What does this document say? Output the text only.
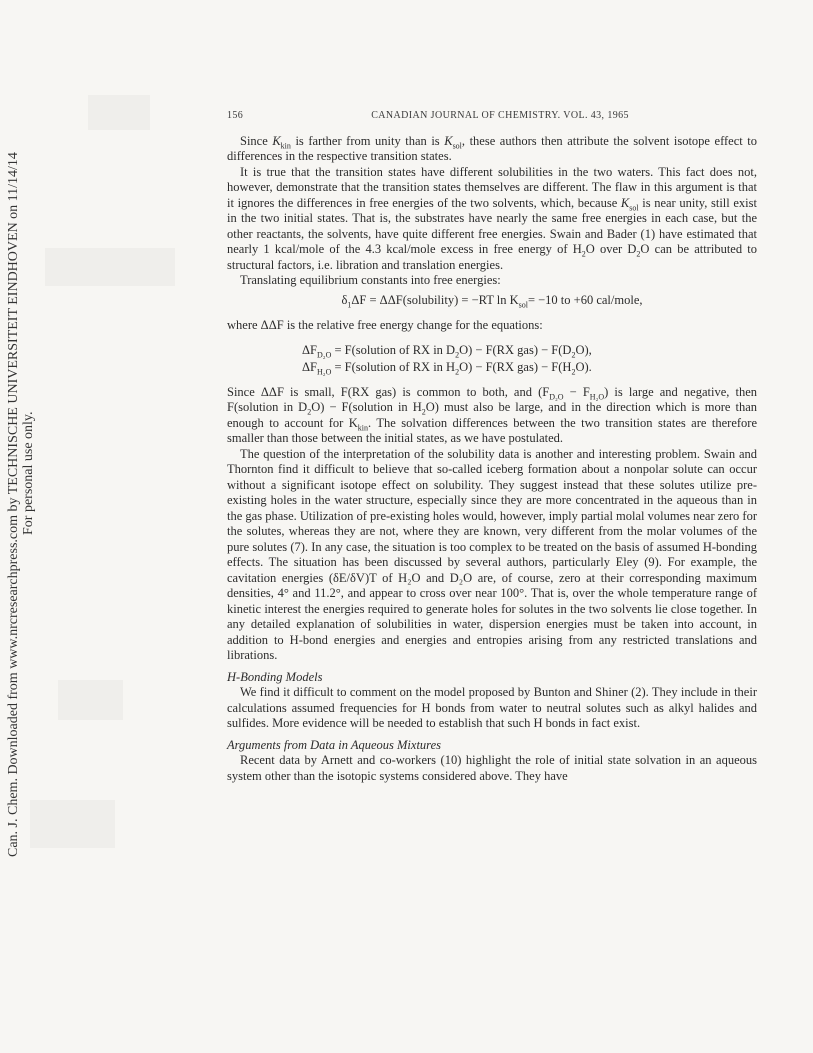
Can. J. Chem. Downloaded from www.nrcresearchpress.com by TECHNISCHE UNIVERSITEIT EINDHOVEN on 11/14/14 For personal use only.
156	CANADIAN JOURNAL OF CHEMISTRY. VOL. 43, 1965

Since $K_{kin}$ is farther from unity than is $K_{sol}$, these authors then attribute the solvent isotope effect to differences in the respective transition states.

It is true that the transition states have different solubilities in the two waters. This fact does not, however, demonstrate that the transition states themselves are different. The flaw in this argument is that it ignores the differences in free energies of the two solvents, which, because $K_{sol}$ is near unity, still exist in the two initial states. That is, the substrates have nearly the same free energies in each case, but the other reactants, the solvents, have quite different free energies. Swain and Bader (1) have estimated that nearly 1 kcal/mole of the 4.3 kcal/mole excess in free energy of $H_2O$ over $D_2O$ can be attributed to structural factors, i.e. libration and translation energies.

Translating equilibrium constants into free energies:

$\delta_1\Delta F$ = ΔΔF(solubility) = −RT $\ln K_{sol}= -10$ to +60 cal/mole,

where ΔΔF is the relative free energy change for the equations:

$\Delta F_{D_2O}$ = F(solution of RX in $D_2O) - F(RX$ $gas) - F(D_2O)$,
$\Delta F_{H_2O}$ = F(solution of RX in $H_2O) - F(RX$ $gas) - F(H_2O)$.

Since ΔΔF is small, F(RX gas) is common to both, and $(F_{D_2O} - F_{H_2O})$ is large and negative, then F(solution in $D_2O$) − F(solution in $H_2O$) must also be large, and in the direction which is more than enough to account for $K_{kin}$. The solvation differences between the two transition states are therefore smaller than those between the initial states, as we have postulated.

The question of the interpretation of the solubility data is another and interesting problem. Swain and Thornton find it difficult to believe that so-called iceberg formation about a nonpolar solute can occur without a significant isotope effect on solubility. They suggest instead that these solutes utilize pre-existing holes in the water structure, especially since they are more concentrated in the aqueous than in the gas phase. Utilization of pre-existing holes would, however, imply partial molal volumes near zero for the solutes, whereas they are not, where they are known, very different from the molar volumes of the pure solutes (7). In any case, the situation is too complex to be treated on the basis of assumed H-bonding effects. The situation has been discussed by several authors, particularly Eley (9). For example, the cavitation energies (δE/δV)T of H₂O and D₂O are, of course, zero at their corresponding maximum densities, 4° and 11.2°, and appear to cross over near 100°. That is, over the whole temperature range of kinetic interest the energies required to generate holes for solutes in the two solvents lie close together. In any detailed explanation of solubilities in water, dispersion energies must be taken into account, in addition to H-bond energies and energies and entropies arising from any restricted translations and librations.

H-Bonding Models

We find it difficult to comment on the model proposed by Bunton and Shiner (2). They include in their calculations assumed frequencies for H bonds from water to neutral solutes such as alkyl halides and sulfides. More evidence will be needed to establish that such H bonds in fact exist.

Arguments from Data in Aqueous Mixtures

Recent data by Arnett and co-workers (10) highlight the role of initial state solvation in an aqueous system other than the isotopic systems considered above. They have
